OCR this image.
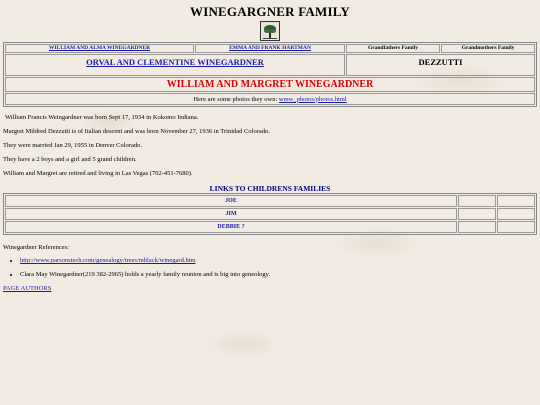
WINEGARGNER FAMILY
WILLIAM AND ALMA WINEGARDNER	EMMA AND FRANK HARTMAN	Grandfathers Family	Grandmothers Family
ORVAL AND CLEMENTINE WINEGARDNER		DEZZUTTI	
WILLIAM AND MARGRET WINEGARDNER			
Here are some photos they own: wmw_photos/photos.html			

William Francis Weingardner was born Sept 17, 1934 in Kokomo Indiana.

Margret Mildred Dezzutti is of Italian descent and was born November 27, 1936 in Trinidad Colorado.

They were married Jan 29, 1955 in Denver Colorado.

They have a 2 boys and a girl and 5 grand children.

William and Margret are retired and living in Las Vegas (702-451-7680).

LINKS TO CHILDRENS FAMILIES
JOE		
JIM		
DEBBIE ?		

Winegardner References:

• http://www.parsonstech.com/genealogy/trees/mblack/winegard.htm
• Clara May Winegardner(219 382-2965) holds a yearly family reunion and is big into geneology.
PAGE AUTHORS
